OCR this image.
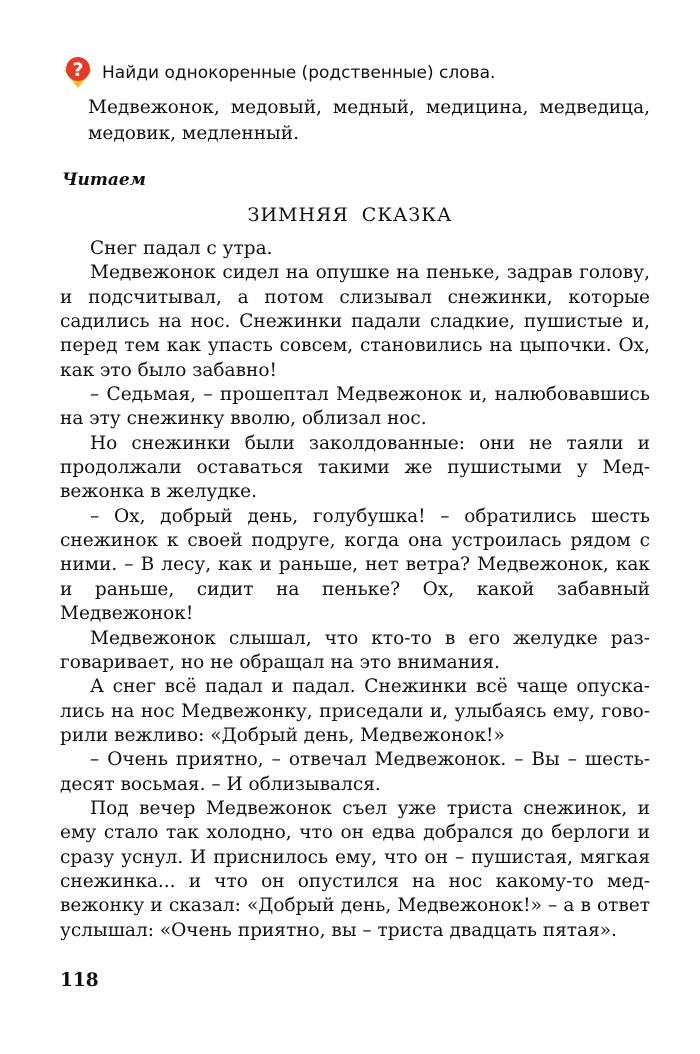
? Найди однокоренные (родственные) слова.
Медвежонок, медовый, медный, медицина, медведица, медовик, медленный.
Читаем
ЗИМНЯЯ СКАЗКА

Снег падал с утра.

Медвежонок сидел на опушке на пеньке, задрав голову, и подсчитывал, а потом слизывал снежинки, которые садились на нос. Снежинки падали сладкие, пушистые и, перед тем как упасть совсем, становились на цыпочки. Ох, как это было забавно!

– Седьмая, – прошептал Медвежонок и, налюбовавшись на эту снежинку вволю, облизал нос.

Но снежинки были заколдованные: они не таяли и продолжали оставаться такими же пушистыми у Медвежонка в желудке.

– Ох, добрый день, голубушка! – обратились шесть снежинок к своей подруге, когда она устроилась рядом с ними. – В лесу, как и раньше, нет ветра? Медвежонок, как и раньше, сидит на пеньке? Ох, какой забавный Медвежонок!

Медвежонок слышал, что кто-то в его желудке разговаривает, но не обращал на это внимания.

А снег всё падал и падал. Снежинки всё чаще опускались на нос Медвежонку, приседали и, улыбаясь ему, говорили вежливо: «Добрый день, Медвежонок!»

– Очень приятно, – отвечал Медвежонок. – Вы – шестьдесят восьмая. – И облизывался.

Под вечер Медвежонок съел уже триста снежинок, и ему стало так холодно, что он едва добрался до берлоги и сразу уснул. И приснилось ему, что он – пушистая, мягкая снежинка... и что он опустился на нос какому-то медвежонку и сказал: «Добрый день, Медвежонок!» – а в ответ услышал: «Очень приятно, вы – триста двадцать пятая».

118
